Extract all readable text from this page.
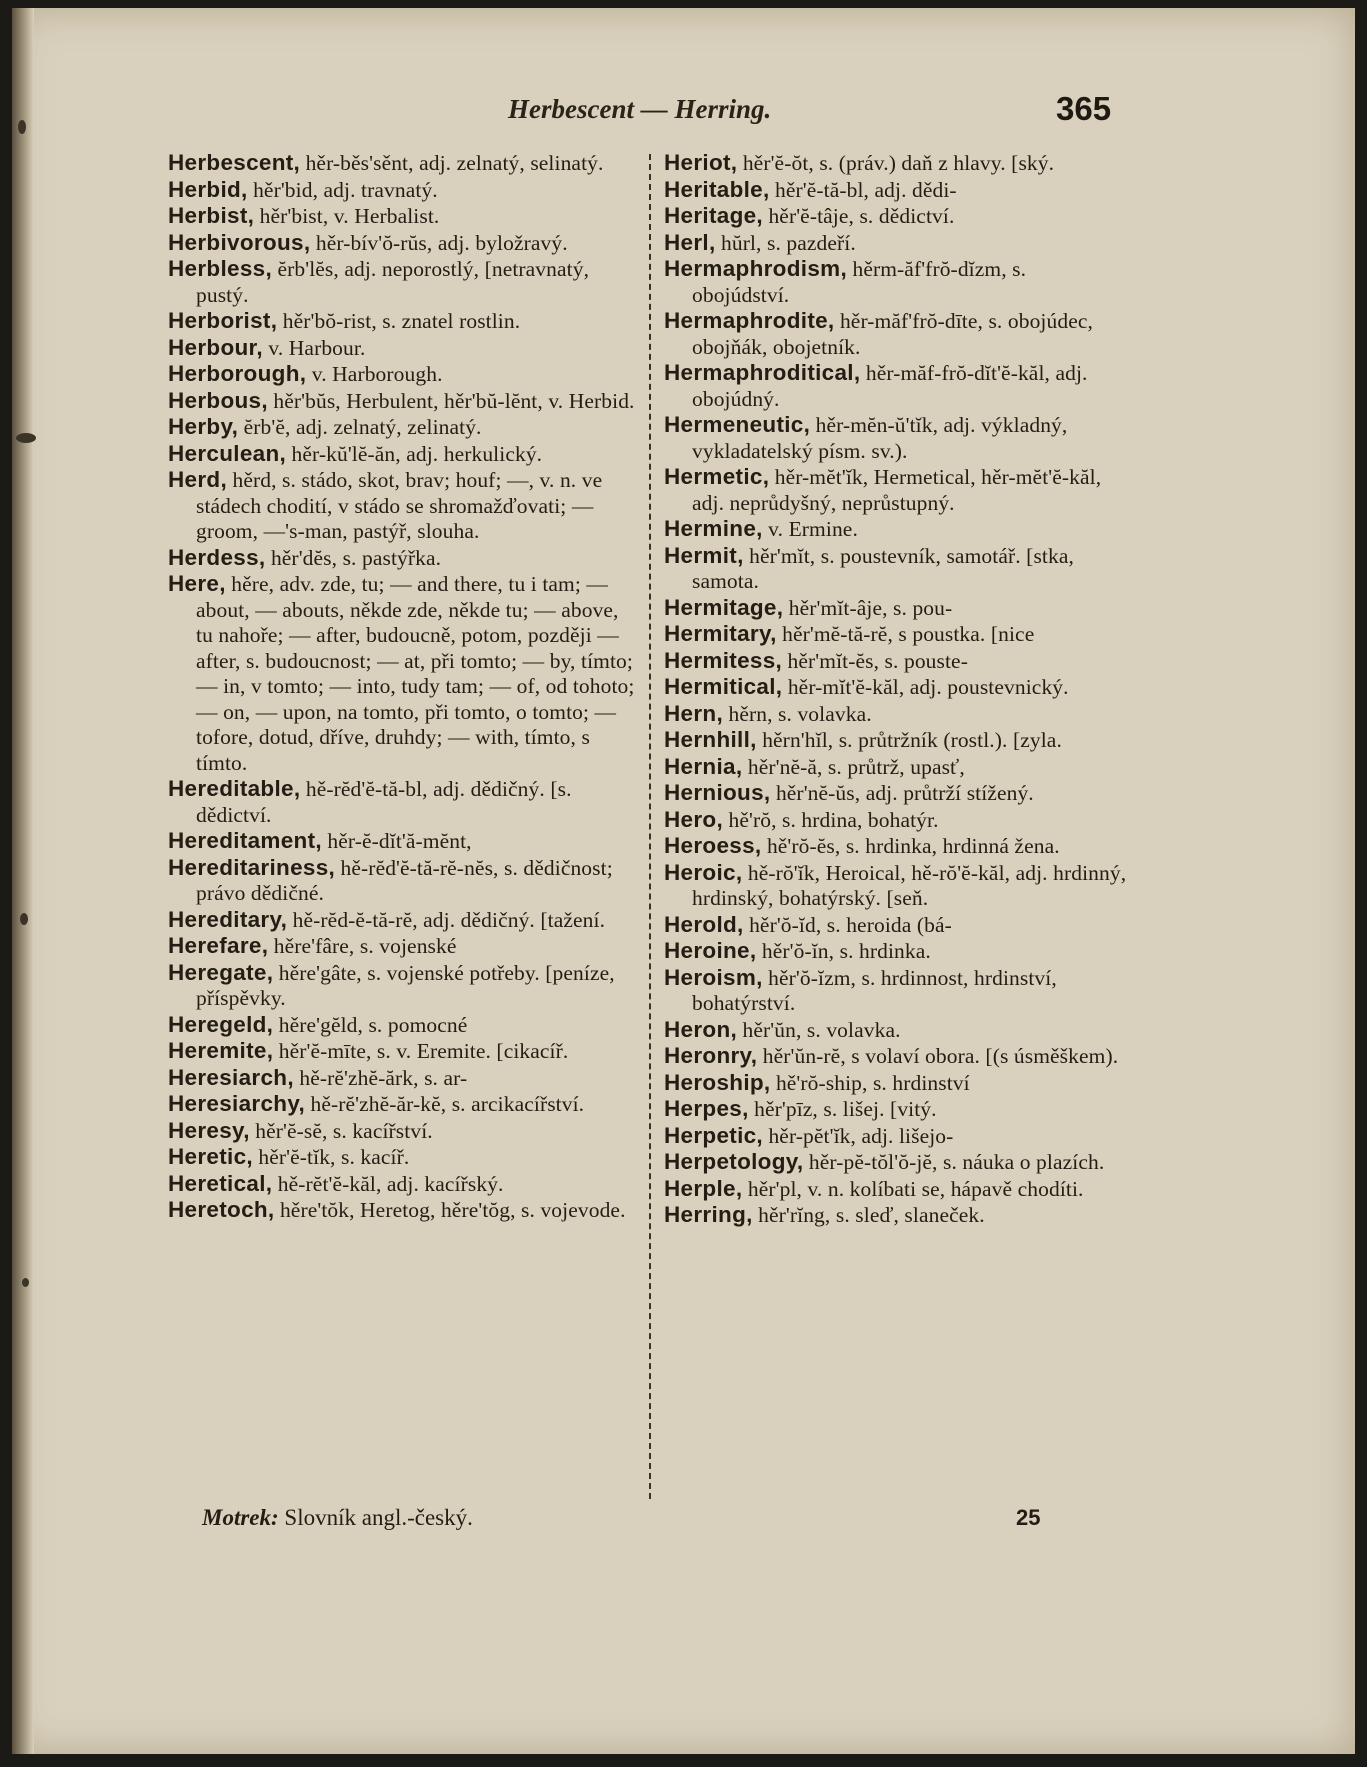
Herbescent — Herring.	365

Herbescent, hěr-běs'sěnt, adj. zelnatý, selinatý.

Herbid, hěr'bid, adj. travnatý.

Herbist, hěr'bist, v. Herbalist.

Herbivorous, hěr-bív'ŏ-rŭs, adj. byložravý.

Herbless, ĕrb'lĕs, adj. neporostlý, [netravnatý, pustý.

Herborist, hěr'bŏ-rist, s. znatel rostlin.

Herbour, v. Harbour.

Herborough, v. Harborough.

Herbous, hěr'bŭs, Herbulent, hěr'bŭ-lĕnt, v. Herbid.

Herby, ĕrb'ĕ, adj. zelnatý, zelinatý.

Herculean, hěr-kŭ'lĕ-ăn, adj. herkulický.

Herd, hěrd, s. stádo, skot, brav; houf; —, v. n. ve stádech chodití, v stádo se shromažďovati; — groom, —'s-man, pastýř, slouha.

Herdess, hěr'dĕs, s. pastýřka.

Here, hěre, adv. zde, tu; — and there, tu i tam; — about, — abouts, někde zde, někde tu; — above, tu nahoře; — after, budoucně, potom, později — after, s. budoucnost; — at, při tomto; — by, tímto; — in, v tomto; — into, tudy tam; — of, od tohoto; — on, — upon, na tomto, při tomto, o tomto; — tofore, dotud, dříve, druhdy; — with, tímto, s tímto.

Hereditable, hě-rĕd'ĕ-tă-bl, adj. dědičný. [s. dědictví.

Hereditament, hěr-ĕ-dĭt'ă-mĕnt,

Hereditariness, hě-rĕd'ĕ-tă-rĕ-nĕs, s. dědičnost; právo dědičné.

Hereditary, hě-rĕd-ĕ-tă-rĕ, adj. dědičný. [tažení.

Herefare, hěre'fâre, s. vojenské

Heregate, hěre'gâte, s. vojenské potřeby. [peníze, příspěvky.

Heregeld, hěre'gĕld, s. pomocné

Heremite, hěr'ĕ-mīte, s. v. Eremite. [cikacíř.

Heresiarch, hě-rĕ'zhĕ-ărk, s. ar-

Heresiarchy, hě-rĕ'zhĕ-ăr-kĕ, s. arcikacířství.

Heresy, hěr'ĕ-sĕ, s. kacířství.

Heretic, hěr'ĕ-tĭk, s. kacíř.

Heretical, hě-rĕt'ĕ-kăl, adj. kacířský.

Heretoch, hěre'tŏk, Heretog, hěre'tŏg, s. vojevode.

Heriot, hěr'ĕ-ŏt, s. (práv.) daň z hlavy. [ský.

Heritable, hěr'ĕ-tă-bl, adj. dědi-

Heritage, hěr'ĕ-tâje, s. dědictví.

Herl, hŭrl, s. pazdeří.

Hermaphrodism, hěrm-ăf'frŏ-dĭzm, s. obojúdství.

Hermaphrodite, hěr-măf'frŏ-dīte, s. obojúdec, obojňák, obojetník.

Hermaphroditical, hěr-măf-frŏ-dĭt'ĕ-kăl, adj. obojúdný.

Hermeneutic, hěr-mĕn-ŭ'tĭk, adj. výkladný, vykladatelský písm. sv.).

Hermetic, hěr-mĕt'ĭk, Hermetical, hěr-mĕt'ĕ-kăl, adj. neprůdyšný, neprůstupný.

Hermine, v. Ermine.

Hermit, hěr'mĭt, s. poustevník, samotář. [stka, samota.

Hermitage, hěr'mĭt-âje, s. pou-

Hermitary, hěr'mĕ-tă-rĕ, s poustka. [nice

Hermitess, hěr'mĭt-ĕs, s. pouste-

Hermitical, hěr-mĭt'ĕ-kăl, adj. poustevnický.

Hern, hěrn, s. volavka.

Hernhill, hěrn'hĭl, s. průtržník (rostl.). [zyla.

Hernia, hěr'nĕ-ă, s. průtrž, upasť,

Hernious, hěr'nĕ-ŭs, adj. průtrží stížený.

Hero, hě'rŏ, s. hrdina, bohatýr.

Heroess, hě'rŏ-ĕs, s. hrdinka, hrdinná žena.

Heroic, hě-rŏ'ĭk, Heroical, hě-rŏ'ĕ-kăl, adj. hrdinný, hrdinský, bohatýrský. [seň.

Herold, hěr'ŏ-ĭd, s. heroida (bá-

Heroine, hěr'ŏ-ĭn, s. hrdinka.

Heroism, hěr'ŏ-ĭzm, s. hrdinnost, hrdinství, bohatýrství.

Heron, hěr'ŭn, s. volavka.

Heronry, hěr'ŭn-rĕ, s volaví obora. [(s úsměškem).

Heroship, hě'rŏ-ship, s. hrdinství

Herpes, hěr'pīz, s. lišej. [vitý.

Herpetic, hěr-pĕt'ĭk, adj. lišejo-

Herpetology, hěr-pĕ-tŏl'ŏ-jĕ, s. náuka o plazích.

Herple, hěr'pl, v. n. kolíbati se, hápavě chodíti.

Herring, hěr'rĭng, s. sleď, slaneček.

Motrek: Slovník angl.-český.	25
